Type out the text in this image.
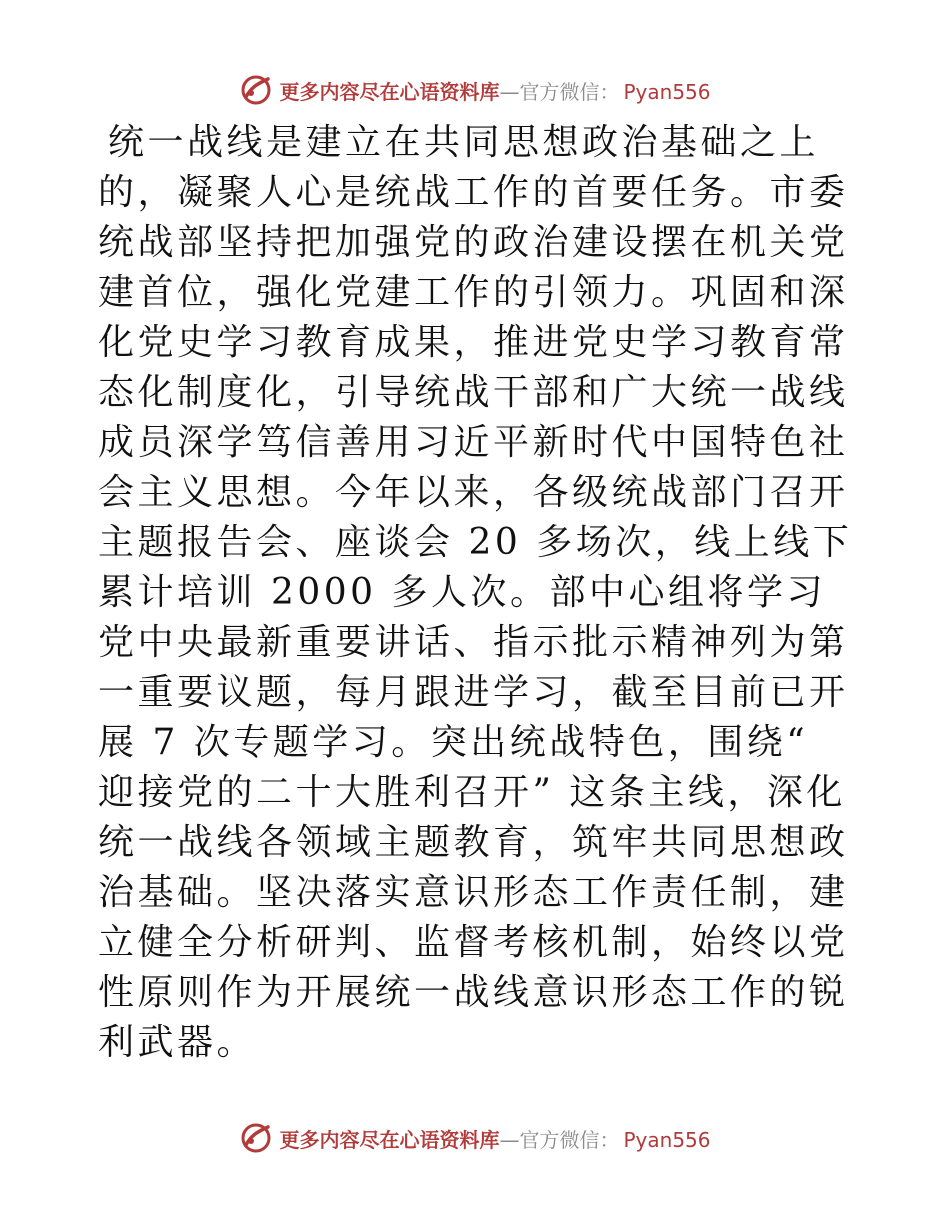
更多内容尽在心语资料库—官方微信： Pyan556

统一战线是建立在共同思想政治基础之上的，凝聚人心是统战工作的首要任务。市委统战部坚持把加强党的政治建设摆在机关党建首位，强化党建工作的引领力。巩固和深化党史学习教育成果，推进党史学习教育常态化制度化，引导统战干部和广大统一战线成员深学笃信善用习近平新时代中国特色社会主义思想。今年以来，各级统战部门召开主题报告会、座谈会 20 多场次，线上线下累计培训 2000 多人次。部中心组将学习党中央最新重要讲话、指示批示精神列为第一重要议题，每月跟进学习，截至目前已开展 7 次专题学习。突出统战特色，围绕“ 迎接党的二十大胜利召开” 这条主线，深化统一战线各领域主题教育，筑牢共同思想政治基础。坚决落实意识形态工作责任制，建立健全分析研判、监督考核机制，始终以党性原则作为开展统一战线意识形态工作的锐利武器。

更多内容尽在心语资料库—官方微信： Pyan556
